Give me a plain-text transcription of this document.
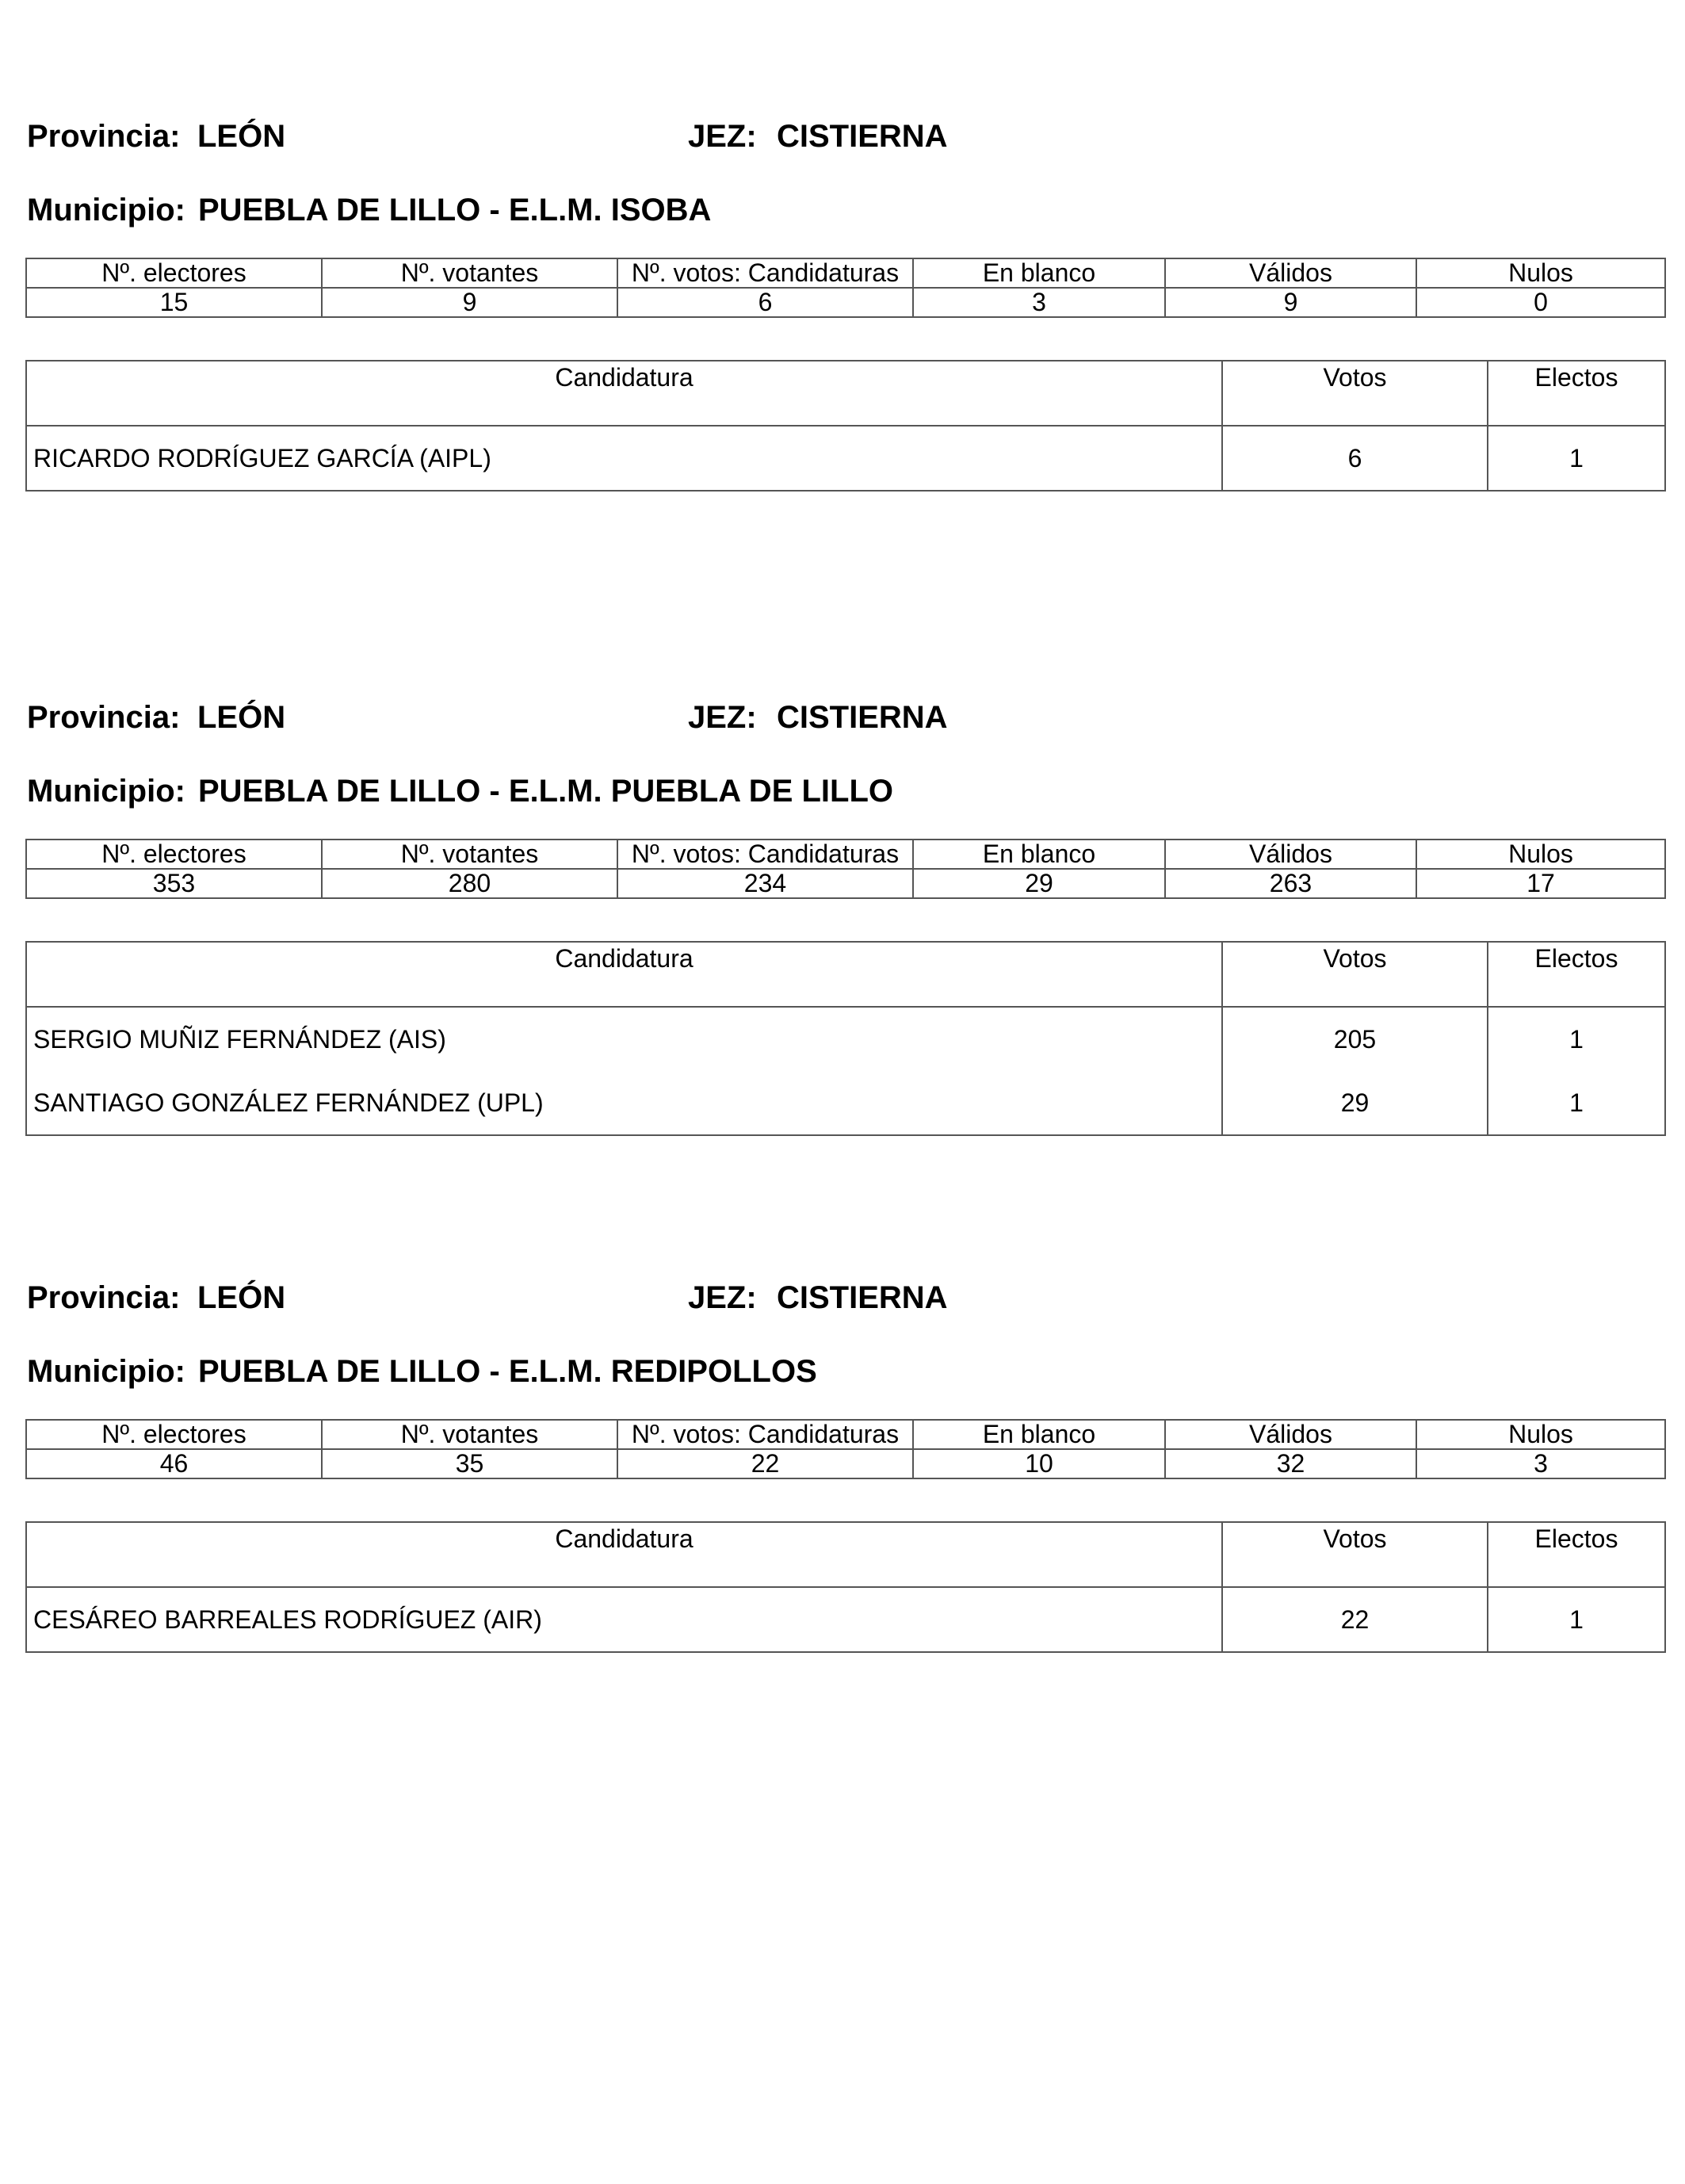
Provincia: LEÓN	JEZ: CISTIERNA
Municipio: PUEBLA DE LILLO - E.L.M. ISOBA
Nº. electores	Nº. votantes	Nº. votos: Candidaturas	En blanco	Válidos	Nulos
15	9	6	3	9	0
Candidatura	Votos	Electos
RICARDO RODRÍGUEZ GARCÍA (AIPL)	6	1
Provincia: LEÓN	JEZ: CISTIERNA
Municipio: PUEBLA DE LILLO - E.L.M. PUEBLA DE LILLO
Nº. electores	Nº. votantes	Nº. votos: Candidaturas	En blanco	Válidos	Nulos
353	280	234	29	263	17
Candidatura	Votos	Electos
SERGIO MUÑIZ FERNÁNDEZ (AIS)	205	1
SANTIAGO GONZÁLEZ FERNÁNDEZ (UPL)	29	1
Provincia: LEÓN	JEZ: CISTIERNA
Municipio: PUEBLA DE LILLO - E.L.M. REDIPOLLOS
Nº. electores	Nº. votantes	Nº. votos: Candidaturas	En blanco	Válidos	Nulos
46	35	22	10	32	3
Candidatura	Votos	Electos
CESÁREO BARREALES RODRÍGUEZ (AIR)	22	1
